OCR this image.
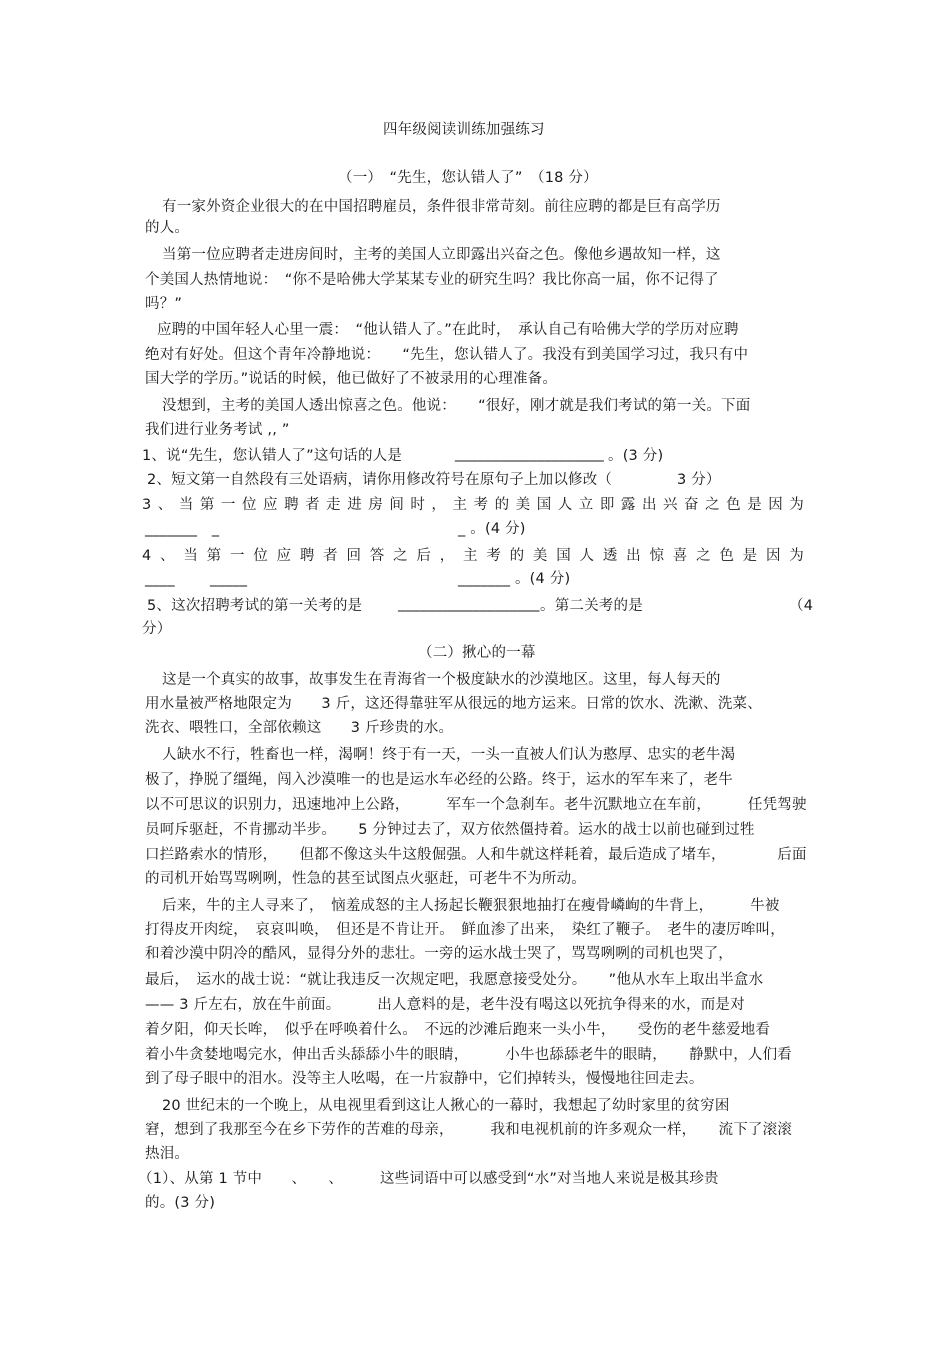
四年级阅读训练加强练习
（一）　“先生，您认错人了”　（18 分）
有一家外资企业很大的在中国招聘雇员，条件很非常苛刻。前往应聘的都是巨有高学历
的人。
当第一位应聘者走进房间时，主考的美国人立即露出兴奋之色。像他乡遇故知一样，这
个美国人热情地说：　“你不是哈佛大学某某专业的研究生吗？我比你高一届，你不记得了
吗？”
应聘的中国年轻人心里一震：　“他认错人了。”在此时，　承认自己有哈佛大学的学历对应聘
绝对有好处。但这个青年冷静地说：　　“先生，您认错人了。我没有到美国学习过，我只有中
国大学的学历。”说话的时候，他已做好了不被录用的心理准备。
没想到，主考的美国人透出惊喜之色。他说：　　“很好，刚才就是我们考试的第一关。下面
我们进行业务考试 ,, ”
1、说“先生，您认错人了”这句话的人是	____________________ 。(3 分)
2、短文第一自然段有三处语病，请你用修改符号在原句子上加以修改（	3 分）
3、当第一位应聘者走进房间时，主考的美国人立即露出兴奋之色是因为
_______　_	_ 。(4 分)
4、当第一位应聘者回答之后，主考的美国人透出惊喜之色是因为
____ _____	_______ 。(4 分)
5、这次招聘考试的第一关考的是 ___________________ 。第二关考的是	（4
分）
（二）揪心的一幕
这是一个真实的故事，故事发生在青海省一个极度缺水的沙漠地区。这里，每人每天的
用水量被严格地限定为　　3 斤，这还得靠驻军从很远的地方运来。日常的饮水、洗漱、洗菜、
洗衣、喂牲口，全部依赖这　　3 斤珍贵的水。
人缺水不行，牲畜也一样，渴啊！终于有一天，一头一直被人们认为憨厚、忠实的老牛渴
极了，挣脱了缰绳，闯入沙漠唯一的也是运水车必经的公路。终于，运水的军车来了，老牛
以不可思议的识别力，迅速地冲上公路，　　　军车一个急刹车。老牛沉默地立在车前，　　　任凭驾驶
员呵斥驱赶，不肯挪动半步。　　5 分钟过去了，双方依然僵持着。运水的战士以前也碰到过牲
口拦路索水的情形，　　但都不像这头牛这般倔强。人和牛就这样耗着，最后造成了堵车，　　　　后面
的司机开始骂骂咧咧，性急的甚至试图点火驱赶，可老牛不为所动。
后来，牛的主人寻来了，　恼羞成怒的主人扬起长鞭狠狠地抽打在瘦骨嶙峋的牛背上，　　　牛被
打得皮开肉绽，　哀哀叫唤，　但还是不肯让开。　鲜血渗了出来，　染红了鞭子。　老牛的凄厉哞叫，
和着沙漠中阴冷的酷风，显得分外的悲壮。一旁的运水战士哭了，骂骂咧咧的司机也哭了，
最后，　运水的战士说：“就让我违反一次规定吧，我愿意接受处分。　　”他从水车上取出半盒水
—— 3 斤左右，放在牛前面。　　　出人意料的是，老牛没有喝这以死抗争得来的水，而是对
着夕阳，仰天长哞，　似乎在呼唤着什么。　不远的沙滩后跑来一头小牛，　　受伤的老牛慈爱地看
着小牛贪婪地喝完水，伸出舌头舔舔小牛的眼睛，　　　小牛也舔舔老牛的眼睛，　　静默中，人们看
到了母子眼中的泪水。没等主人吆喝，在一片寂静中，它们掉转头，慢慢地往回走去。
20 世纪末的一个晚上，从电视里看到这让人揪心的一幕时，我想起了幼时家里的贫穷困
窘，想到了我那至今在乡下劳作的苦难的母亲，　　　我和电视机前的许多观众一样，　　流下了滚滚
热泪。
（1）、从第 1 节中　　、　　、　　　这些词语中可以感受到“水”对当地人来说是极其珍贵
的。(3 分)
